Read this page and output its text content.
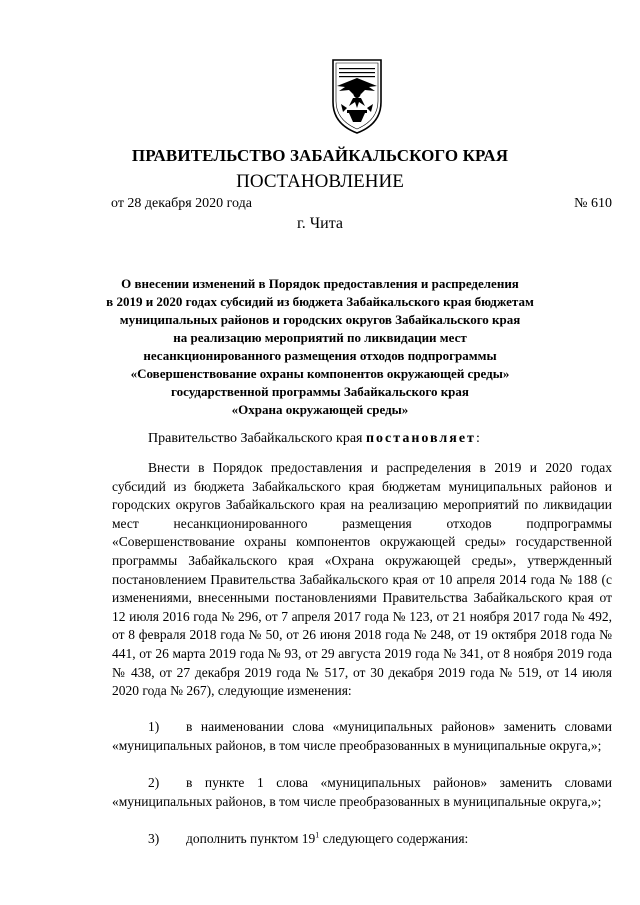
ПРАВИТЕЛЬСТВО ЗАБАЙКАЛЬСКОГО КРАЯ
ПОСТАНОВЛЕНИЕ
от 28 декабря 2020 года	№ 610
г. Чита
О внесении изменений в Порядок предоставления и распределения
в 2019 и 2020 годах субсидий из бюджета Забайкальского края бюджетам
муниципальных районов и городских округов Забайкальского края
на реализацию мероприятий по ликвидации мест
несанкционированного размещения отходов подпрограммы
«Совершенствование охраны компонентов окружающей среды»
государственной программы Забайкальского края
«Охрана окружающей среды»
Правительство Забайкальского края постановляет:

Внести в Порядок предоставления и распределения в 2019 и 2020 годах субсидий из бюджета Забайкальского края бюджетам муниципальных районов и городских округов Забайкальского края на реализацию мероприятий по ликвидации мест несанкционированного размещения отходов подпрограммы «Совершенствование охраны компонентов окружающей среды» государственной программы Забайкальского края «Охрана окружающей среды», утвержденный постановлением Правительства Забайкальского края от 10 апреля 2014 года № 188 (с изменениями, внесенными постановлениями Правительства Забайкальского края от 12 июля 2016 года № 296, от 7 апреля 2017 года № 123, от 21 ноября 2017 года № 492, от 8 февраля 2018 года № 50, от 26 июня 2018 года № 248, от 19 октября 2018 года № 441, от 26 марта 2019 года № 93, от 29 августа 2019 года № 341, от 8 ноября 2019 года № 438, от 27 декабря 2019 года № 517, от 30 декабря 2019 года № 519, от 14 июля 2020 года № 267), следующие изменения:

1) в наименовании слова «муниципальных районов» заменить словами «муниципальных районов, в том числе преобразованных в муниципальные округа,»;
2) в пункте 1 слова «муниципальных районов» заменить словами «муниципальных районов, в том числе преобразованных в муниципальные округа,»;
3) дополнить пунктом $19^1$ следующего содержания:
